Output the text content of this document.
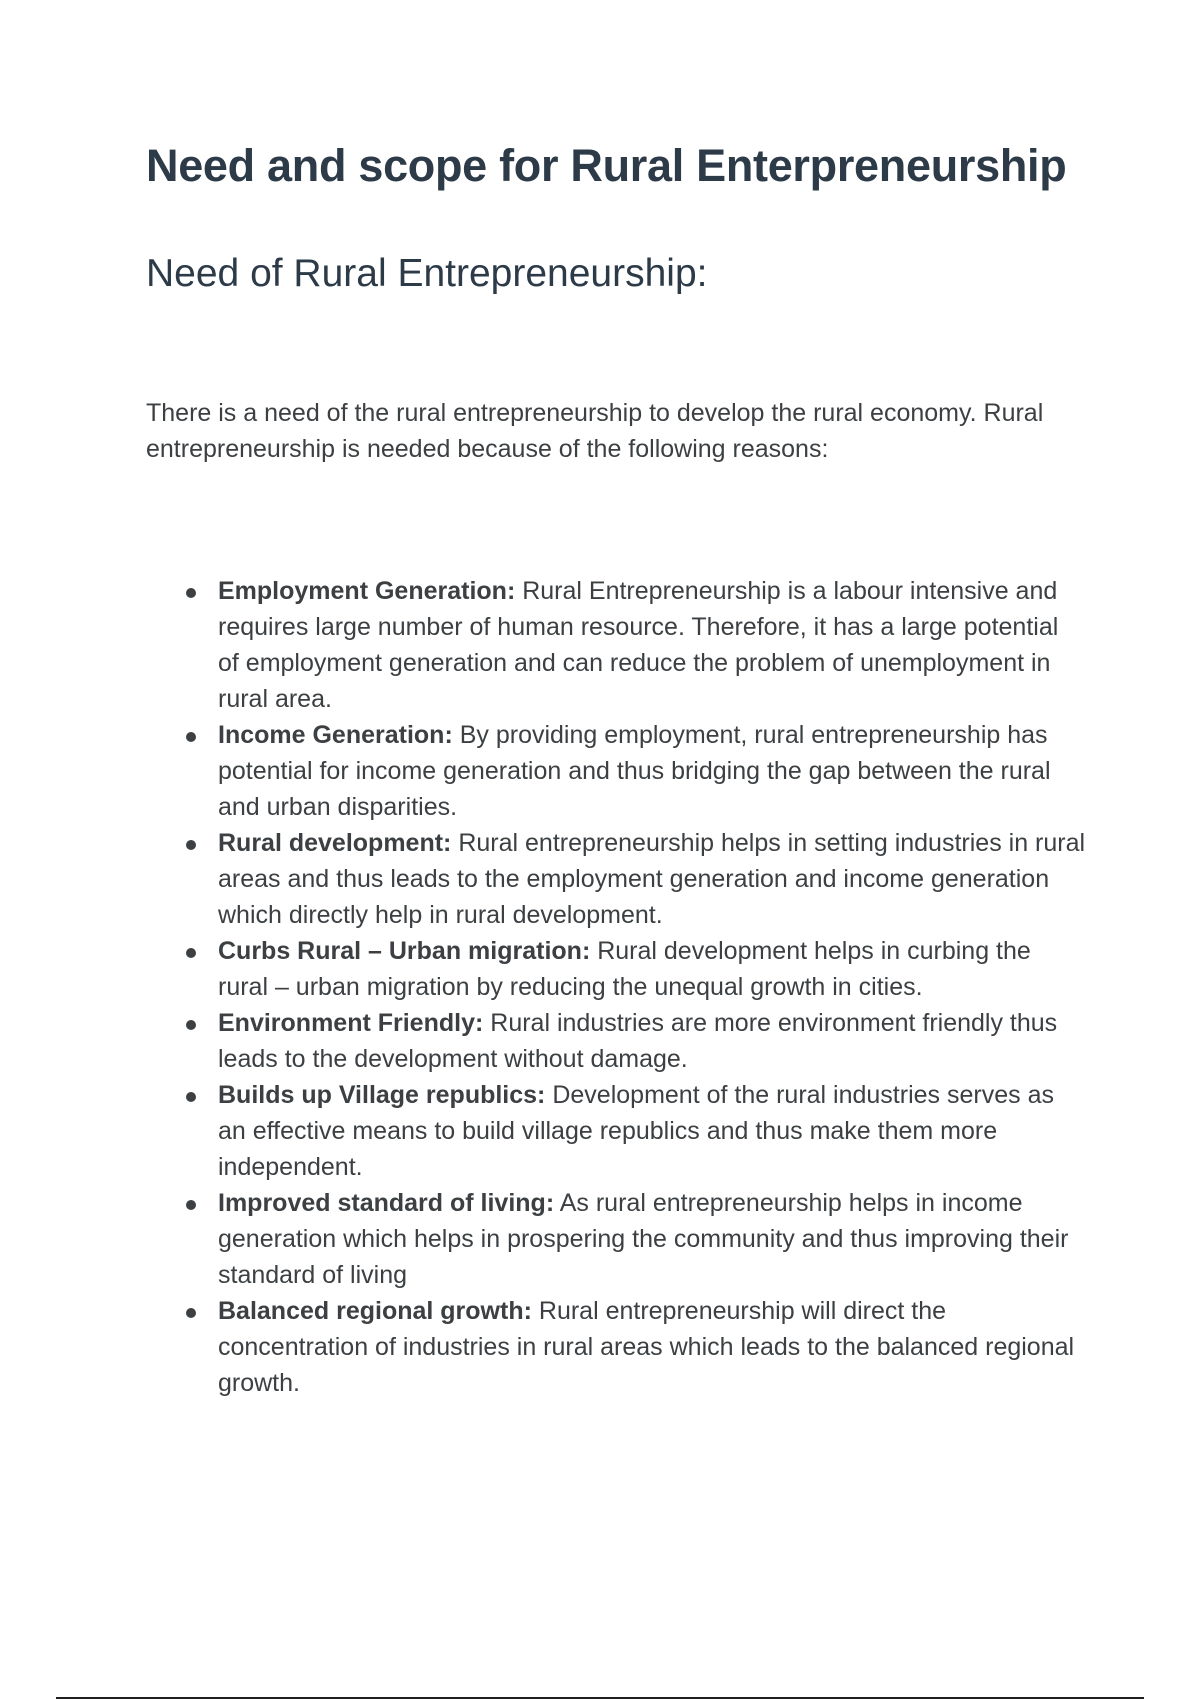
Need and scope for Rural Enterpreneurship
Need of Rural Entrepreneurship:

There is a need of the rural entrepreneurship to develop the rural economy. Rural entrepreneurship is needed because of the following reasons:

Employment Generation: Rural Entrepreneurship is a labour intensive and requires large number of human resource. Therefore, it has a large potential of employment generation and can reduce the problem of unemployment in rural area.
Income Generation: By providing employment, rural entrepreneurship has potential for income generation and thus bridging the gap between the rural and urban disparities.
Rural development: Rural entrepreneurship helps in setting industries in rural areas and thus leads to the employment generation and income generation which directly help in rural development.
Curbs Rural – Urban migration: Rural development helps in curbing the rural – urban migration by reducing the unequal growth in cities.
Environment Friendly: Rural industries are more environment friendly thus leads to the development without damage.
Builds up Village republics: Development of the rural industries serves as an effective means to build village republics and thus make them more independent.
Improved standard of living: As rural entrepreneurship helps in income generation which helps in prospering the community and thus improving their standard of living
Balanced regional growth: Rural entrepreneurship will direct the concentration of industries in rural areas which leads to the balanced regional growth.
